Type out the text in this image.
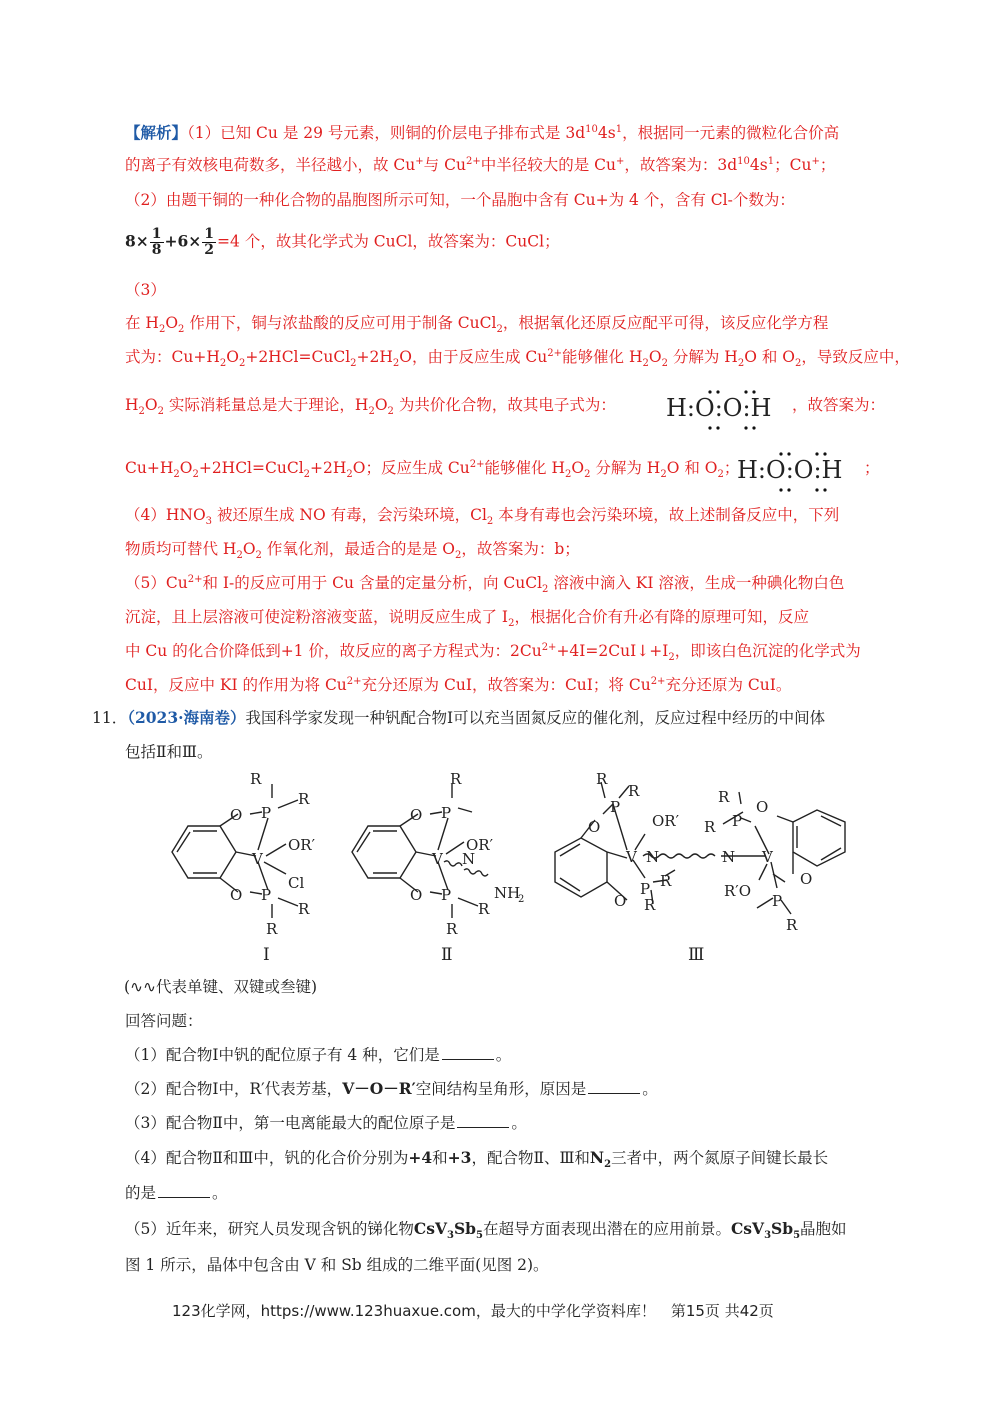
【解析】（1）已知 Cu 是 29 号元素，则铜的价层电子排布式是 $3d^{10}4s^1$，根据同一元素的微粒化合价高
的离子有效核电荷数多，半径越小，故 Cu+与 $Cu^{2+}$中半径较大的是 Cu+，故答案为：$3d^{10}4s^1$；Cu+；
（2）由题干铜的一种化合物的晶胞图所示可知，一个晶胞中含有 Cu+为 4 个，含有 Cl-个数为：
$8\times \frac{1}{8} +6\times \frac{1}{2} =4$ 个，故其化学式为 CuCl，故答案为：CuCl；
（3）
在 $H_2O_2$ 作用下，铜与浓盐酸的反应可用于制备 CuCl$_2$，根据氧化还原反应配平可得，该反应化学方程
式为：$Cu+H_2O_2+2HCl=CuCl_2+2H_2O$，由于反应生成 $Cu^{2+}$能够催化 $H_2O_2$ 分解为 $H_2O$ 和 $O_2$，导致反应中，
$H_2O_2$ 实际消耗量总是大于理论，$H_2O_2$ 为共价化合物，故其电子式为： H:O:O:H ，故答案为：
$Cu+H_2O_2+2HCl=CuCl_2+2H_2O$；反应生成 $Cu^{2+}$能够催化 $H_2O_2$ 分解为 $H_2O$ 和 $O_2$；
H:O:O:H ；
$(4)HNO_3$ 被还原生成 NO 有毒，会污染环境，$Cl_2$ 本身有毒也会污染环境，故上述制备反应中，下列
物质均可替代 $H_2O_2$ 作氧化剂，最适合的是是 $O_2$，故答案为：b；
$(5)Cu^{2+}$和 I-的反应可用于 Cu 含量的定量分析，向 CuCl$_2$ 溶液中滴入 KI 溶液，生成一种碘化物白色
沉淀，且上层溶液可使淀粉溶液变蓝，说明反应生成了 $I_2$，根据化合价有升必有降的原理可知，反应
中 Cu 的化合价降低到+1 价，故反应的离子方程式为：$2Cu^{2+}+4I=2CuI↓+I_2$，即该白色沉淀的化学式为
CuI，反应中 KI 的作用为将 $Cu^{2+}$充分还原为 CuI，故答案为：CuI；将 $Cu^{2+}$充分还原为 CuI。
11．（2023·海南卷）我国科学家发现一种钒配合物Ⅰ可以充当固氮反应的催化剂，反应过程中经历的中间体
包括Ⅱ和Ⅲ。
R
R
O P
V
OR′
Cl
O P
R
R
R
O P
V
OR′
N
NH
2
O P
R
R
R
R
P
O	OR′
V N
P R
R
O
N
R
R P
O
V
O
R′O
P
R
Ⅰ	Ⅱ	Ⅲ
(∿∿代表单键、双键或叁键)
回答问题：
（1）配合物Ⅰ中钒的配位原子有 4 种，它们是	。
（2）配合物Ⅰ中，R′代表芳基，V－O－R′空间结构呈角形，原因是	。
（3）配合物Ⅱ中，第一电离能最大的配位原子是	。
（4）配合物Ⅱ和Ⅲ中，钒的化合价分别为+4和+3，配合物Ⅱ、Ⅲ和$N_2$三者中，两个氮原子间键长最长
的是	。
（5）近年来，研究人员发现含钒的锑化物$CsV_3Sb_5$在超导方面表现出潜在的应用前景。$CsV_3Sb_5$晶胞如
图 1 所示，晶体中包含由 V 和 Sb 组成的二维平面(见图 2)。
123化学网，https://www.123huaxue.com，最大的中学化学资料库！　第15页 共42页
